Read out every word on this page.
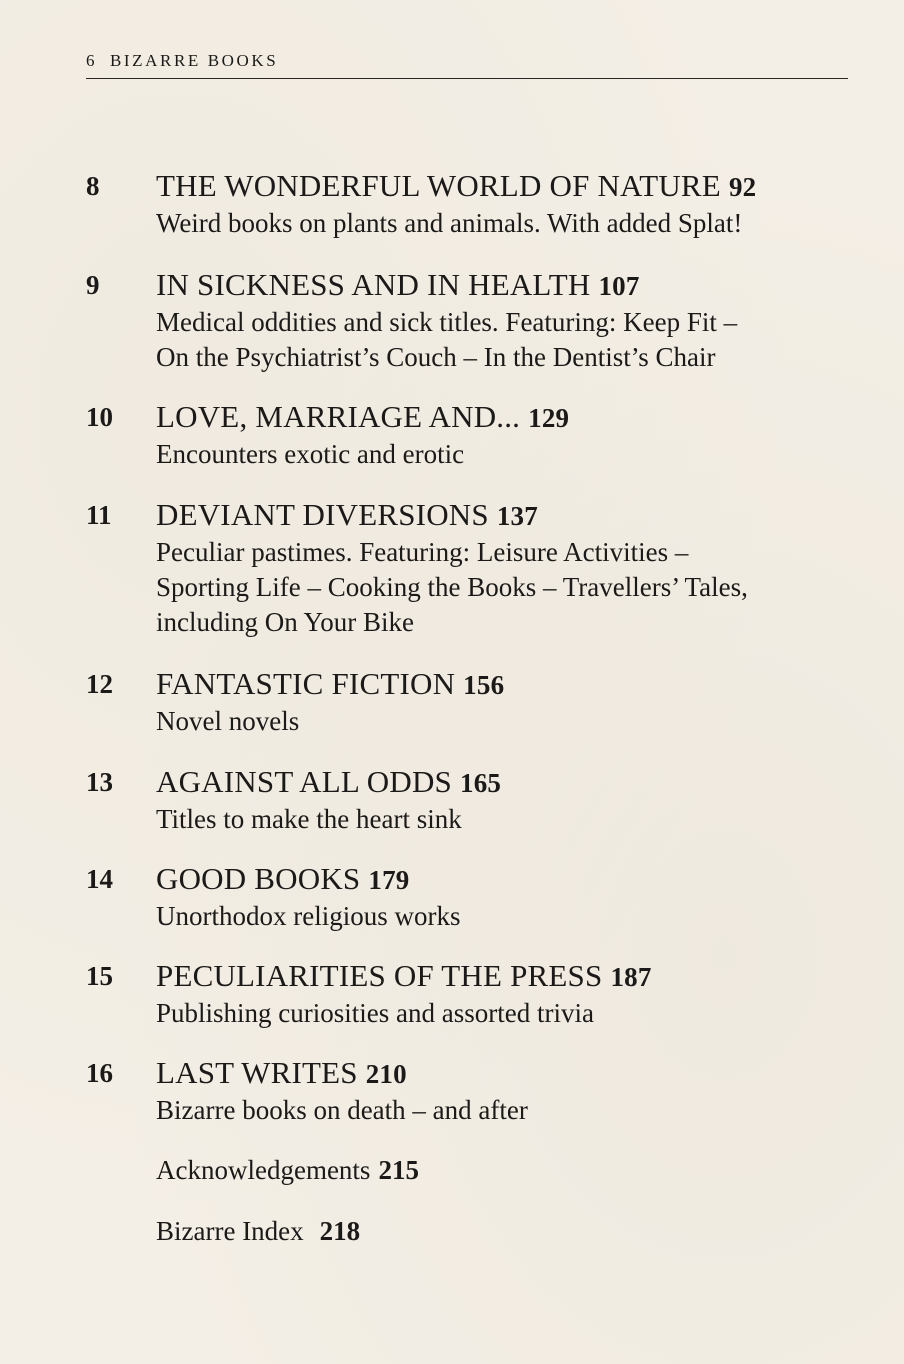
6 BIZARRE BOOKS
8	THE WONDERFUL WORLD OF NATURE 92
Weird books on plants and animals. With added Splat!
9	IN SICKNESS AND IN HEALTH 107
Medical oddities and sick titles. Featuring: Keep Fit –
On the Psychiatrist’s Couch – In the Dentist’s Chair
10	LOVE, MARRIAGE AND... 129
Encounters exotic and erotic
11	DEVIANT DIVERSIONS 137
Peculiar pastimes. Featuring: Leisure Activities –
Sporting Life – Cooking the Books – Travellers’ Tales,
including On Your Bike
12	FANTASTIC FICTION 156
Novel novels
13	AGAINST ALL ODDS 165
Titles to make the heart sink
14	GOOD BOOKS 179
Unorthodox religious works
15	PECULIARITIES OF THE PRESS 187
Publishing curiosities and assorted trivia
16	LAST WRITES 210
Bizarre books on death – and after
Acknowledgements 215
Bizarre Index 218
